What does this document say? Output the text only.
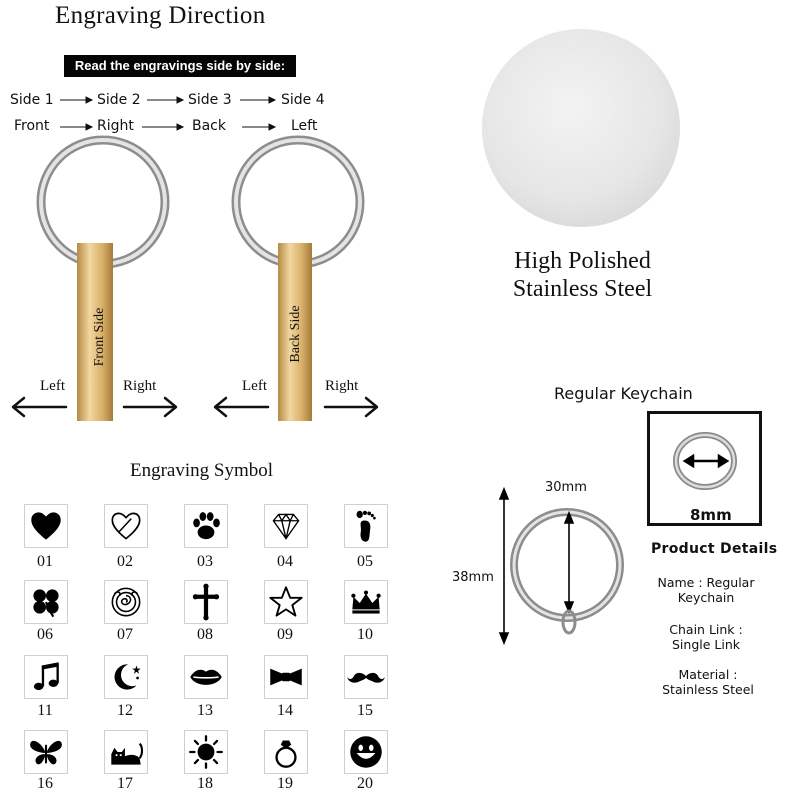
Engraving Direction
Read the engravings side by side:
Side 1	Side 2	Side 3	Side 4
Front	Right	Back	Left
Front Side	Back Side
Left	Right	Left	Right
High Polished
Stainless Steel
Engraving Symbol
01	02	03	04	05
06	07	08	09	10
11	12	13	14	15
16	17	18	19	20
Regular Keychain
8mm
30mm
38mm
Product Details
Name : Regular
Keychain
Chain Link :
Single Link
Material :
Stainless Steel
